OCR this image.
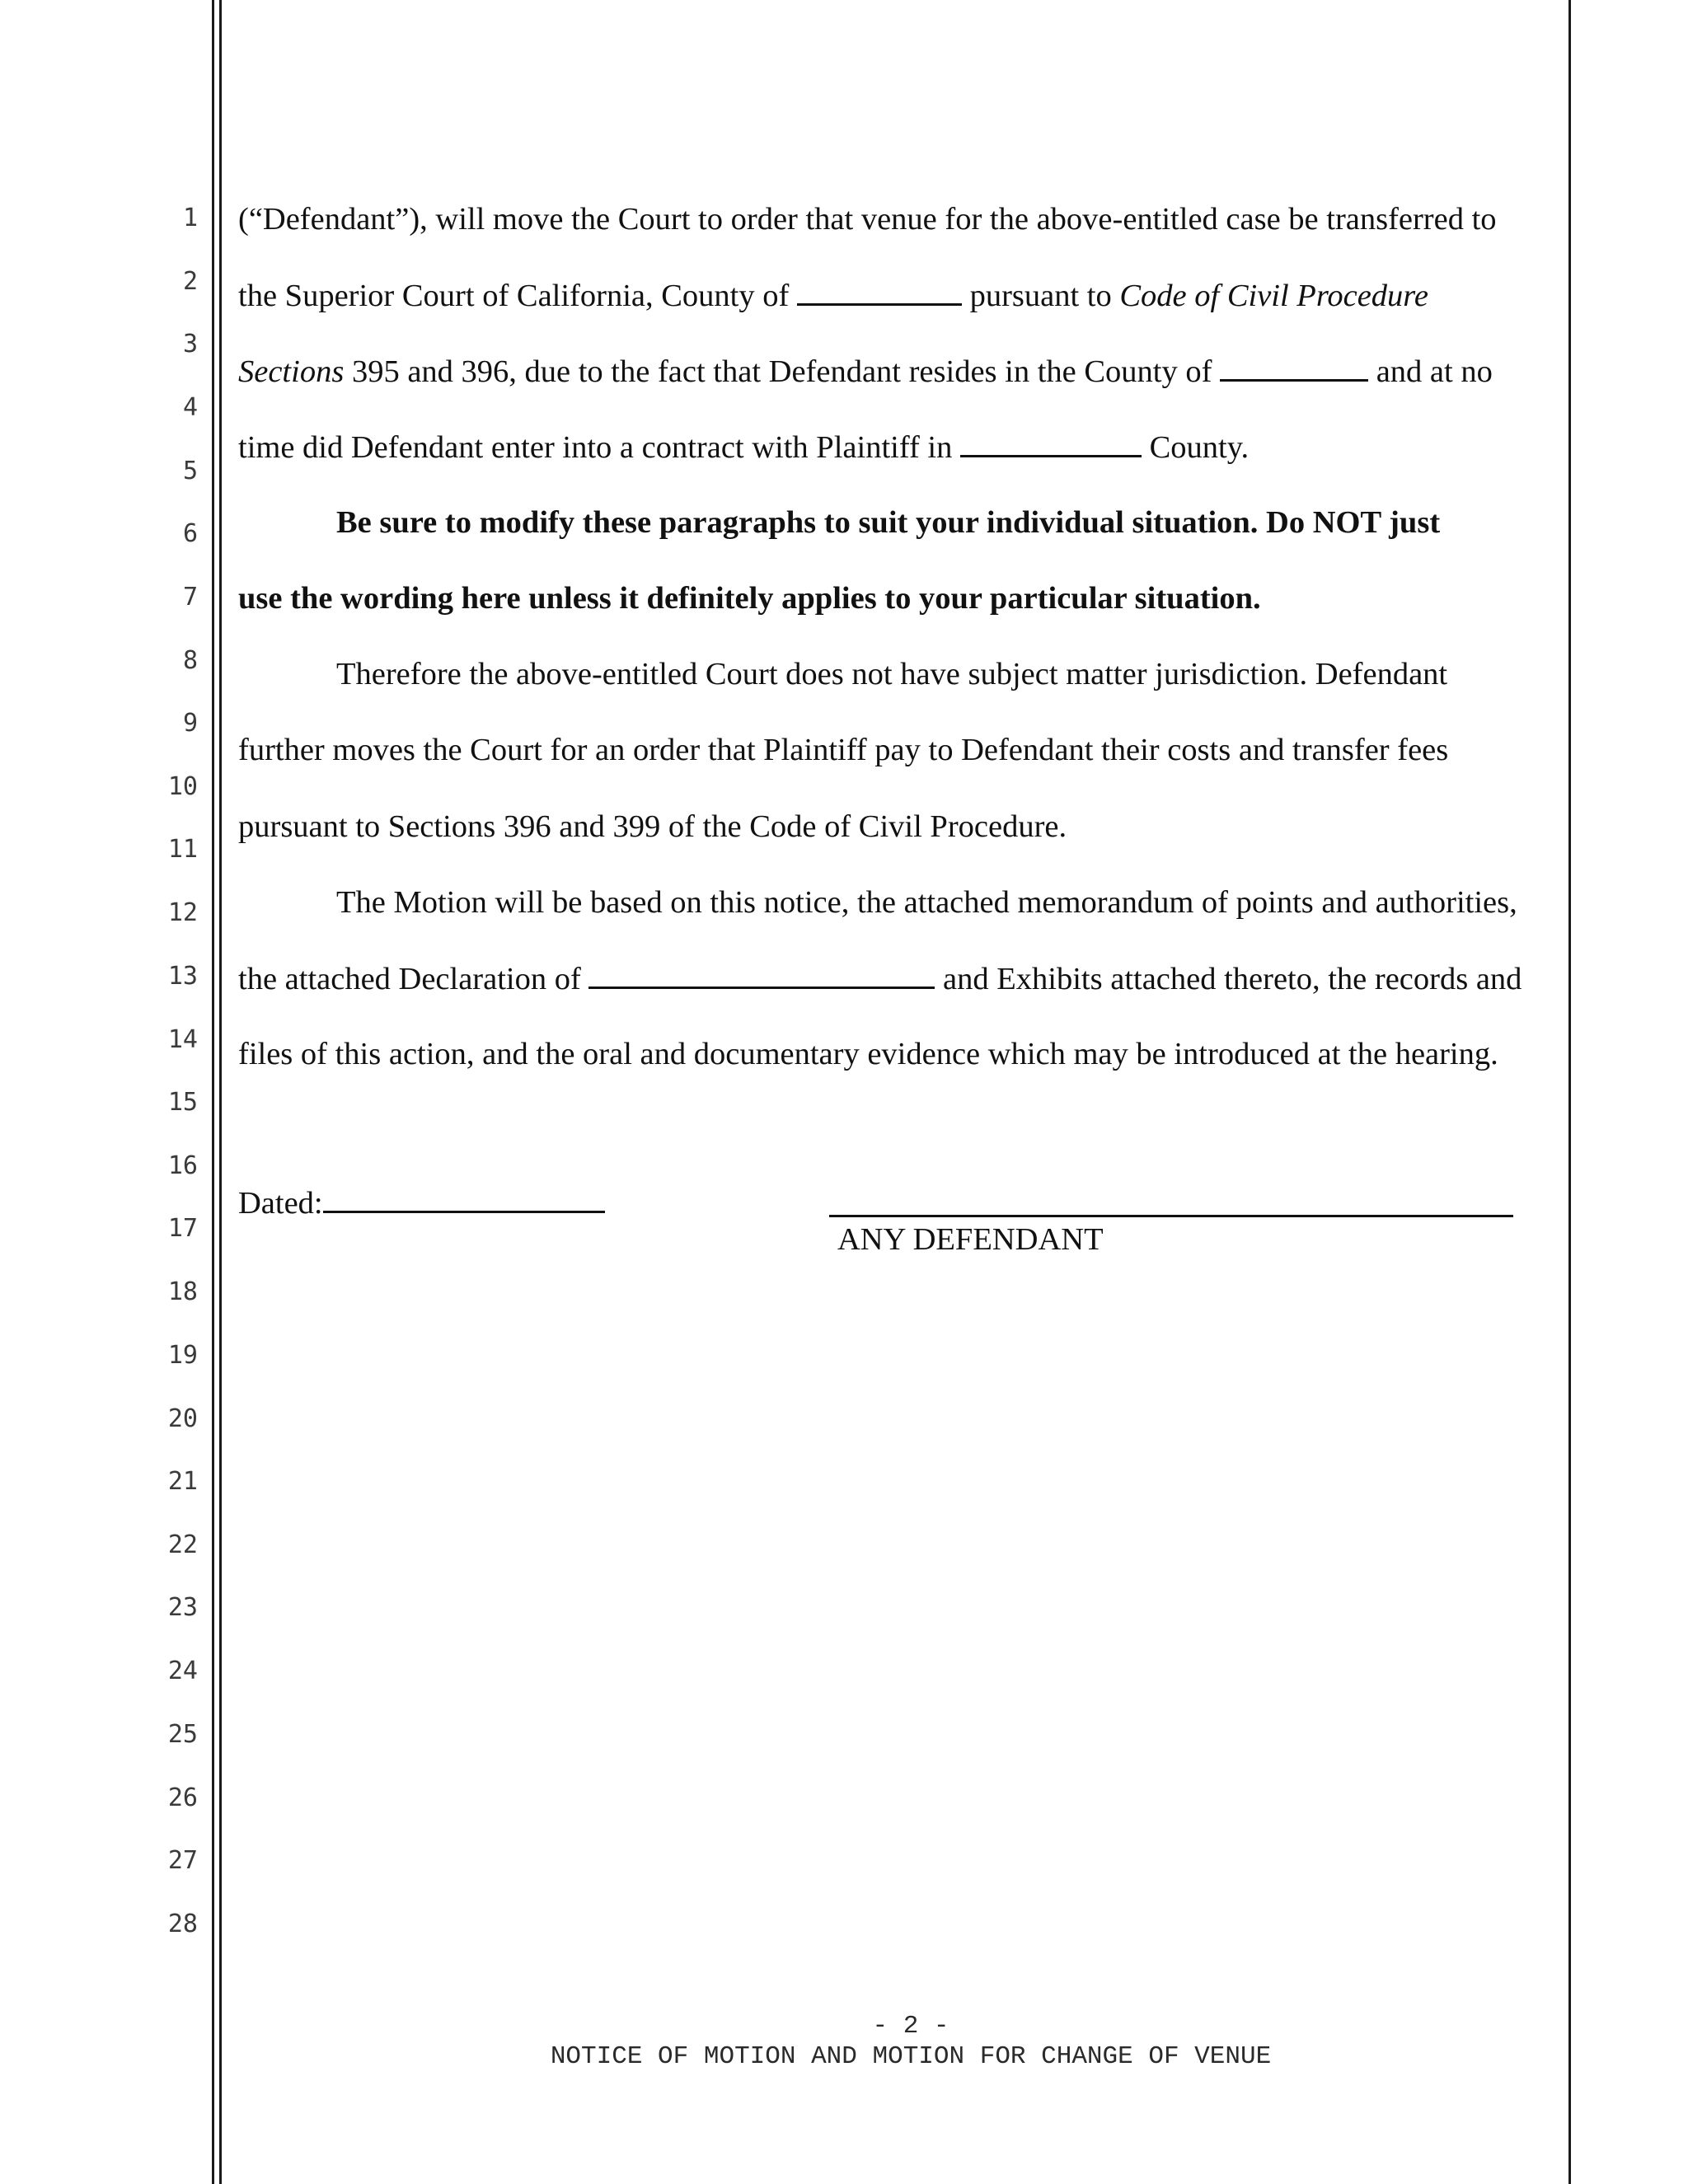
1
2
3
4
5
6
7
8
9
10
11
12
13
14
15
16
17
18
19
20
21
22
23
24
25
26
27
28
(“Defendant”), will move the Court to order that venue for the above-entitled case be transferred to
the Superior Court of California, County of	pursuant to Code of Civil Procedure
Sections 395 and 396, due to the fact that Defendant resides in the County of	and at no
time did Defendant enter into a contract with Plaintiff in	County.
Be sure to modify these paragraphs to suit your individual situation. Do NOT just
use the wording here unless it definitely applies to your particular situation.
Therefore the above-entitled Court does not have subject matter jurisdiction. Defendant
further moves the Court for an order that Plaintiff pay to Defendant their costs and transfer fees
pursuant to Sections 396 and 399 of the Code of Civil Procedure.
The Motion will be based on this notice, the attached memorandum of points and authorities,
the attached Declaration of	and Exhibits attached thereto, the records and
files of this action, and the oral and documentary evidence which may be introduced at the hearing.
Dated:
ANY DEFENDANT
- 2 -
NOTICE OF MOTION AND MOTION FOR CHANGE OF VENUE
